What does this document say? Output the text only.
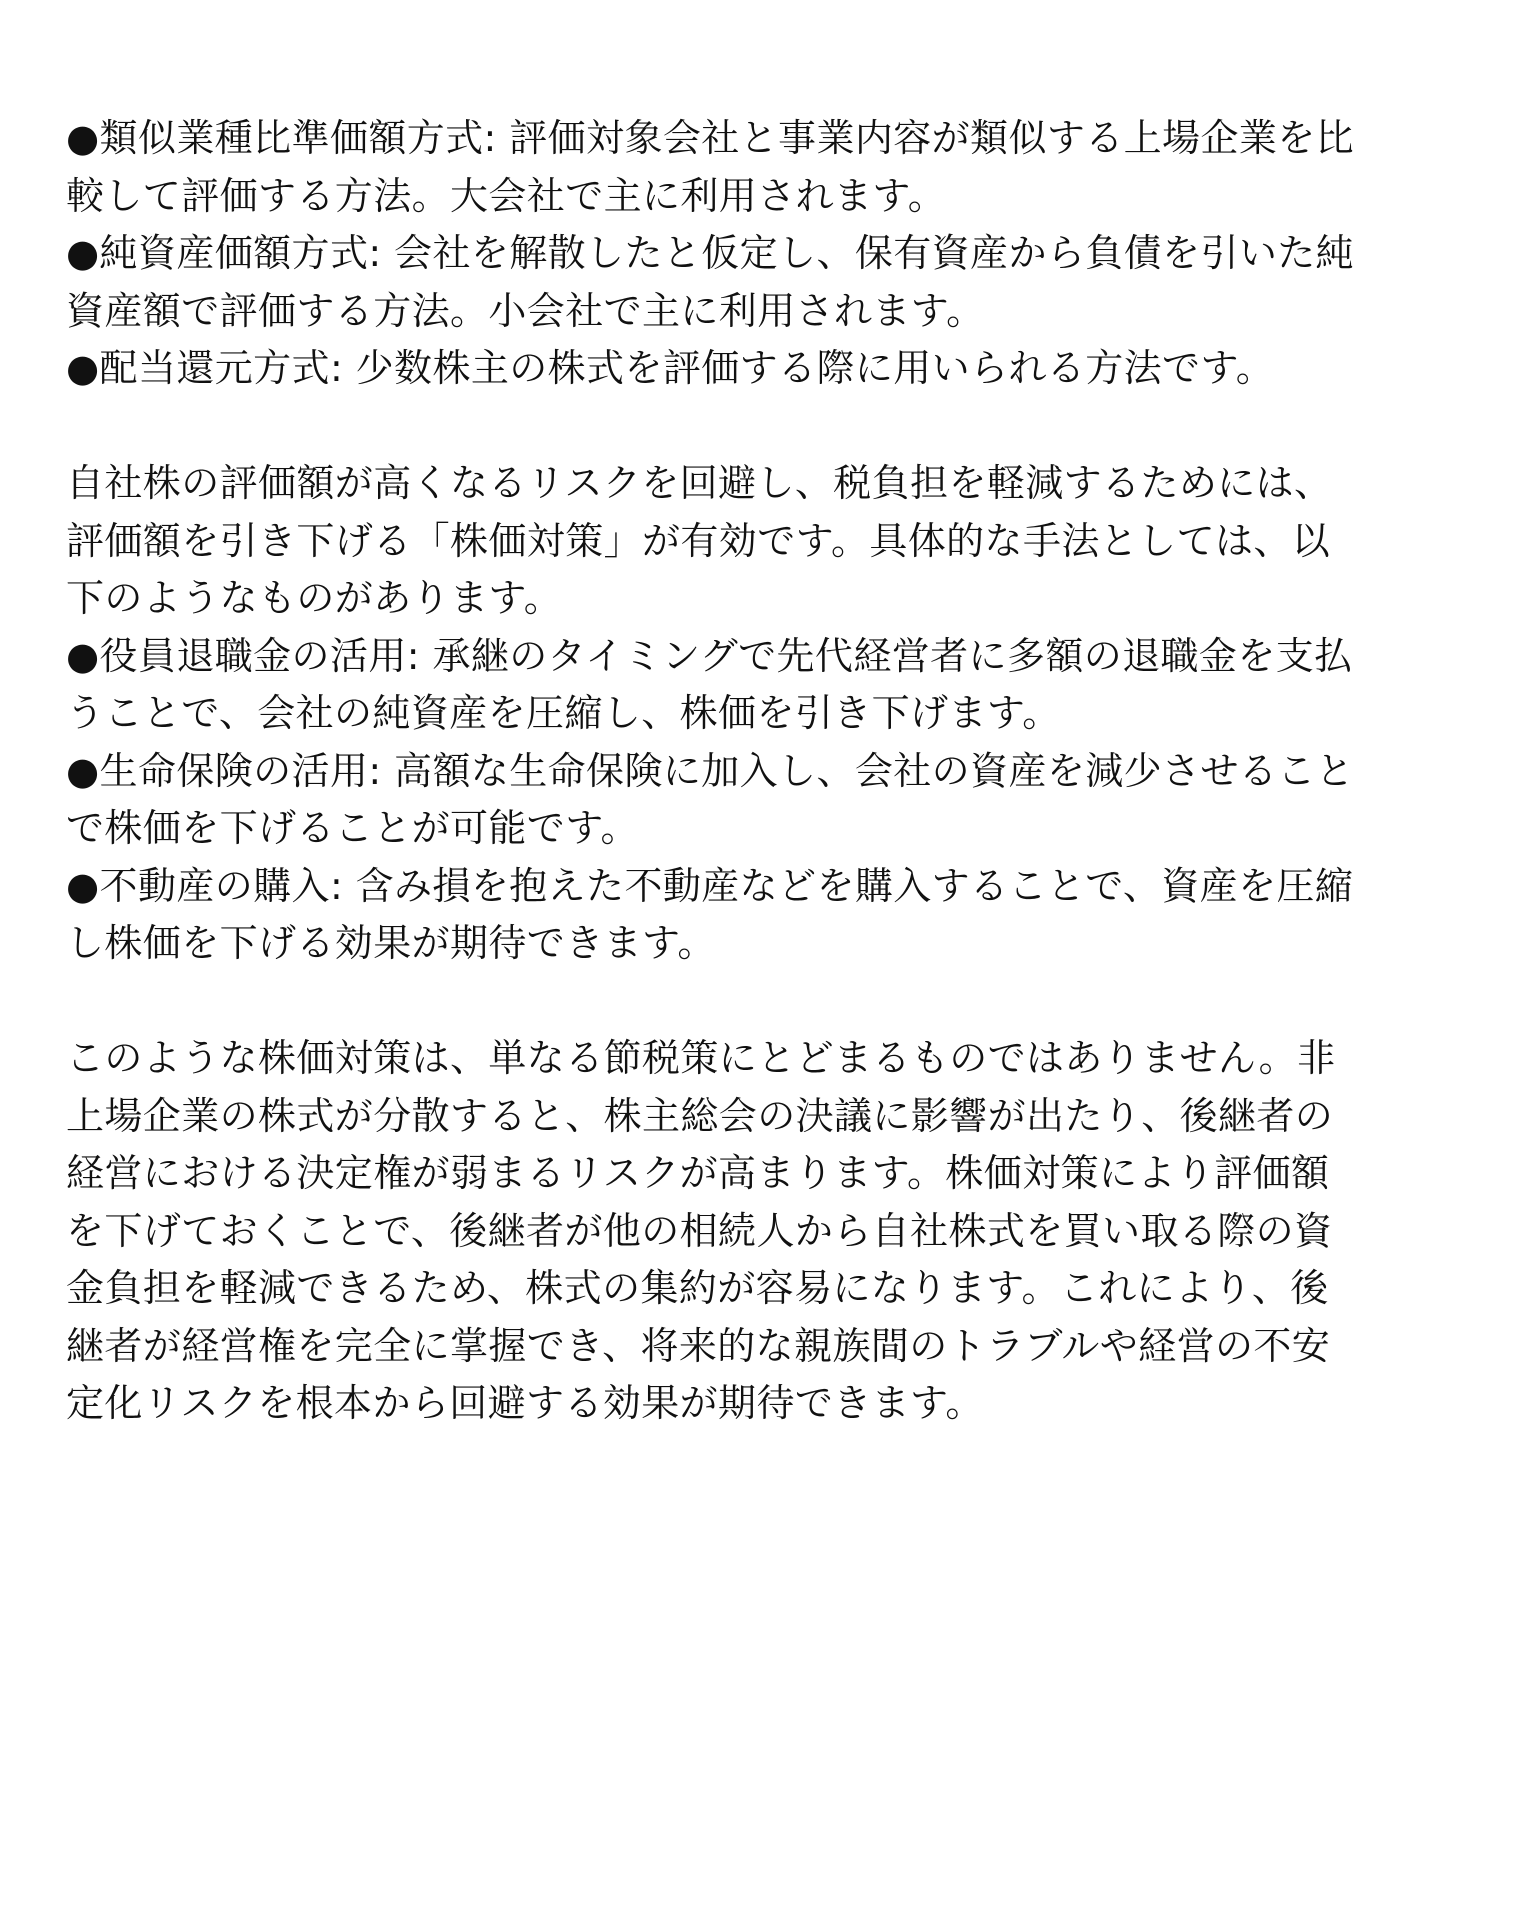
●類似業種比準価額方式: 評価対象会社と事業内容が類似する上場企業を比
較して評価する方法。大会社で主に利用されます。
●純資産価額方式: 会社を解散したと仮定し、保有資産から負債を引いた純
資産額で評価する方法。小会社で主に利用されます。
●配当還元方式: 少数株主の株式を評価する際に用いられる方法です。
自社株の評価額が高くなるリスクを回避し、税負担を軽減するためには、
評価額を引き下げる「株価対策」が有効です。具体的な手法としては、以
下のようなものがあります。
●役員退職金の活用: 承継のタイミングで先代経営者に多額の退職金を支払
うことで、会社の純資産を圧縮し、株価を引き下げます。
●生命保険の活用: 高額な生命保険に加入し、会社の資産を減少させること
で株価を下げることが可能です。
●不動産の購入: 含み損を抱えた不動産などを購入することで、資産を圧縮
し株価を下げる効果が期待できます。
このような株価対策は、単なる節税策にとどまるものではありません。非
上場企業の株式が分散すると、株主総会の決議に影響が出たり、後継者の
経営における決定権が弱まるリスクが高まります。株価対策により評価額
を下げておくことで、後継者が他の相続人から自社株式を買い取る際の資
金負担を軽減できるため、株式の集約が容易になります。これにより、後
継者が経営権を完全に掌握でき、将来的な親族間のトラブルや経営の不安
定化リスクを根本から回避する効果が期待できます。
